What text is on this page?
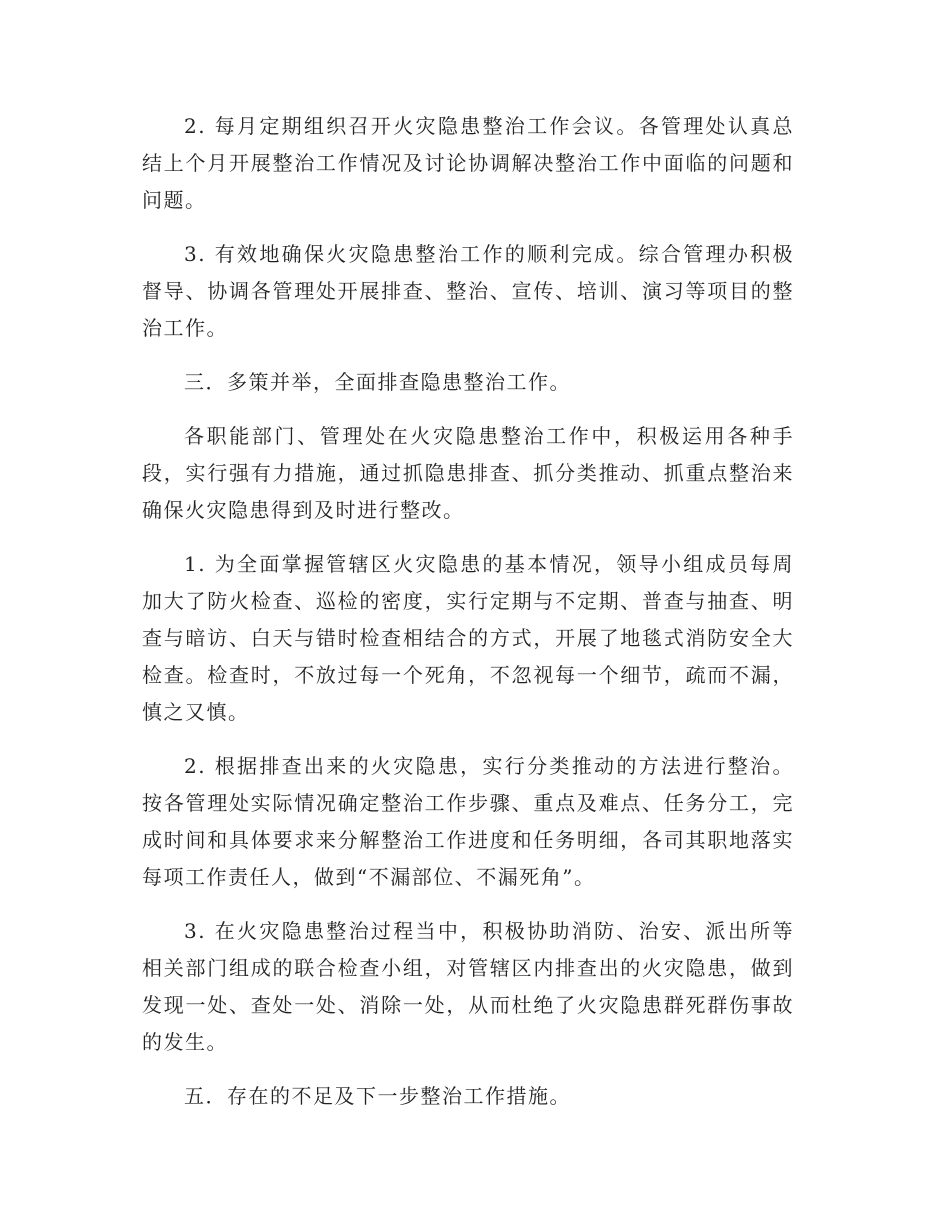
2. 每月定期组织召开火灾隐患整治工作会议。各管理处认真总结上个月开展整治工作情况及讨论协调解决整治工作中面临的问题和问题。

3. 有效地确保火灾隐患整治工作的顺利完成。综合管理办积极督导、协调各管理处开展排查、整治、宣传、培训、演习等项目的整治工作。

三．多策并举，全面排查隐患整治工作。

各职能部门、管理处在火灾隐患整治工作中，积极运用各种手段，实行强有力措施，通过抓隐患排查、抓分类推动、抓重点整治来确保火灾隐患得到及时进行整改。

1. 为全面掌握管辖区火灾隐患的基本情况，领导小组成员每周加大了防火检查、巡检的密度，实行定期与不定期、普查与抽查、明查与暗访、白天与错时检查相结合的方式，开展了地毯式消防安全大检查。检查时，不放过每一个死角，不忽视每一个细节，疏而不漏，慎之又慎。

2. 根据排查出来的火灾隐患，实行分类推动的方法进行整治。按各管理处实际情况确定整治工作步骤、重点及难点、任务分工，完成时间和具体要求来分解整治工作进度和任务明细，各司其职地落实每项工作责任人，做到“不漏部位、不漏死角”。

3. 在火灾隐患整治过程当中，积极协助消防、治安、派出所等相关部门组成的联合检查小组，对管辖区内排查出的火灾隐患，做到发现一处、查处一处、消除一处，从而杜绝了火灾隐患群死群伤事故的发生。

五．存在的不足及下一步整治工作措施。
